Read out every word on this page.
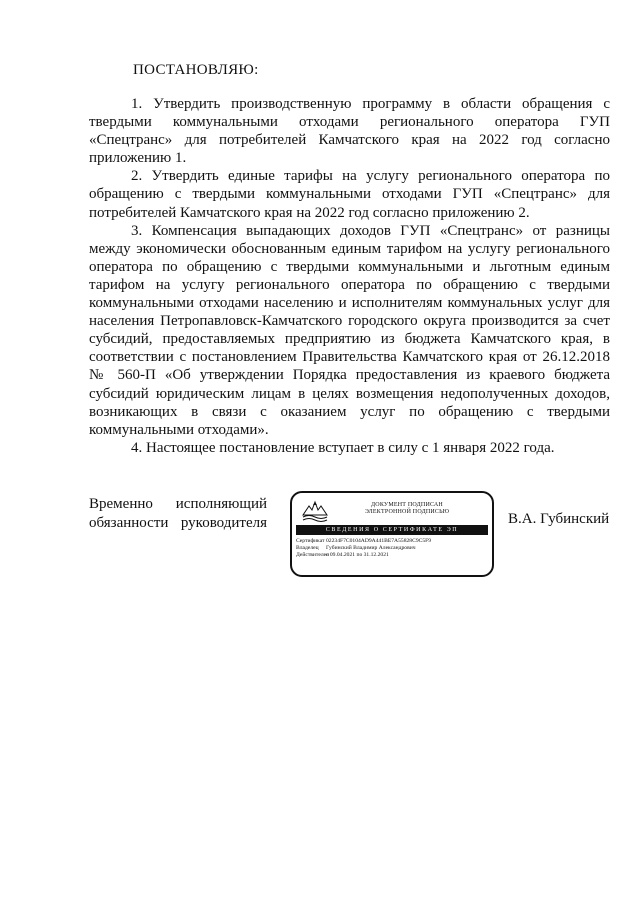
ПОСТАНОВЛЯЮ:

1. Утвердить производственную программу в области обращения с твердыми коммунальными отходами регионального оператора ГУП «Спецтранс» для потребителей Камчатского края на 2022 год согласно приложению 1.

2. Утвердить единые тарифы на услугу регионального оператора по обращению с твердыми коммунальными отходами ГУП «Спецтранс» для потребителей Камчатского края на 2022 год согласно приложению 2.

3. Компенсация выпадающих доходов ГУП «Спецтранс» от разницы между экономически обоснованным единым тарифом на услугу регионального оператора по обращению с твердыми коммунальными и льготным единым тарифом на услугу регионального оператора по обращению с твердыми коммунальными отходами населению и исполнителям коммунальных услуг для населения Петропавловск-Камчатского городского округа производится за счет субсидий, предоставляемых предприятию из бюджета Камчатского края, в соответствии с постановлением Правительства Камчатского края от 26.12.2018 № 560-П «Об утверждении Порядка предоставления из краевого бюджета субсидий юридическим лицам в целях возмещения недополученных доходов, возникающих в связи с оказанием услуг по обращению с твердыми коммунальными отходами».

4. Настоящее постановление вступает в силу с 1 января 2022 года.

Временно исполняющий
обязанности руководителя
ДОКУМЕНТ ПОДПИСАН
ЭЛЕКТРОННОЙ ПОДПИСЬЮ
СВЕДЕНИЯ О СЕРТИФИКАТЕ ЭП
Сертификат 02234F7C0104AD9A441BE7A55828C9C5F9
Владелец	Губинский Владимир Александрович
Действителен
с 09.04.2021 по 31.12.2021
В.А. Губинский
